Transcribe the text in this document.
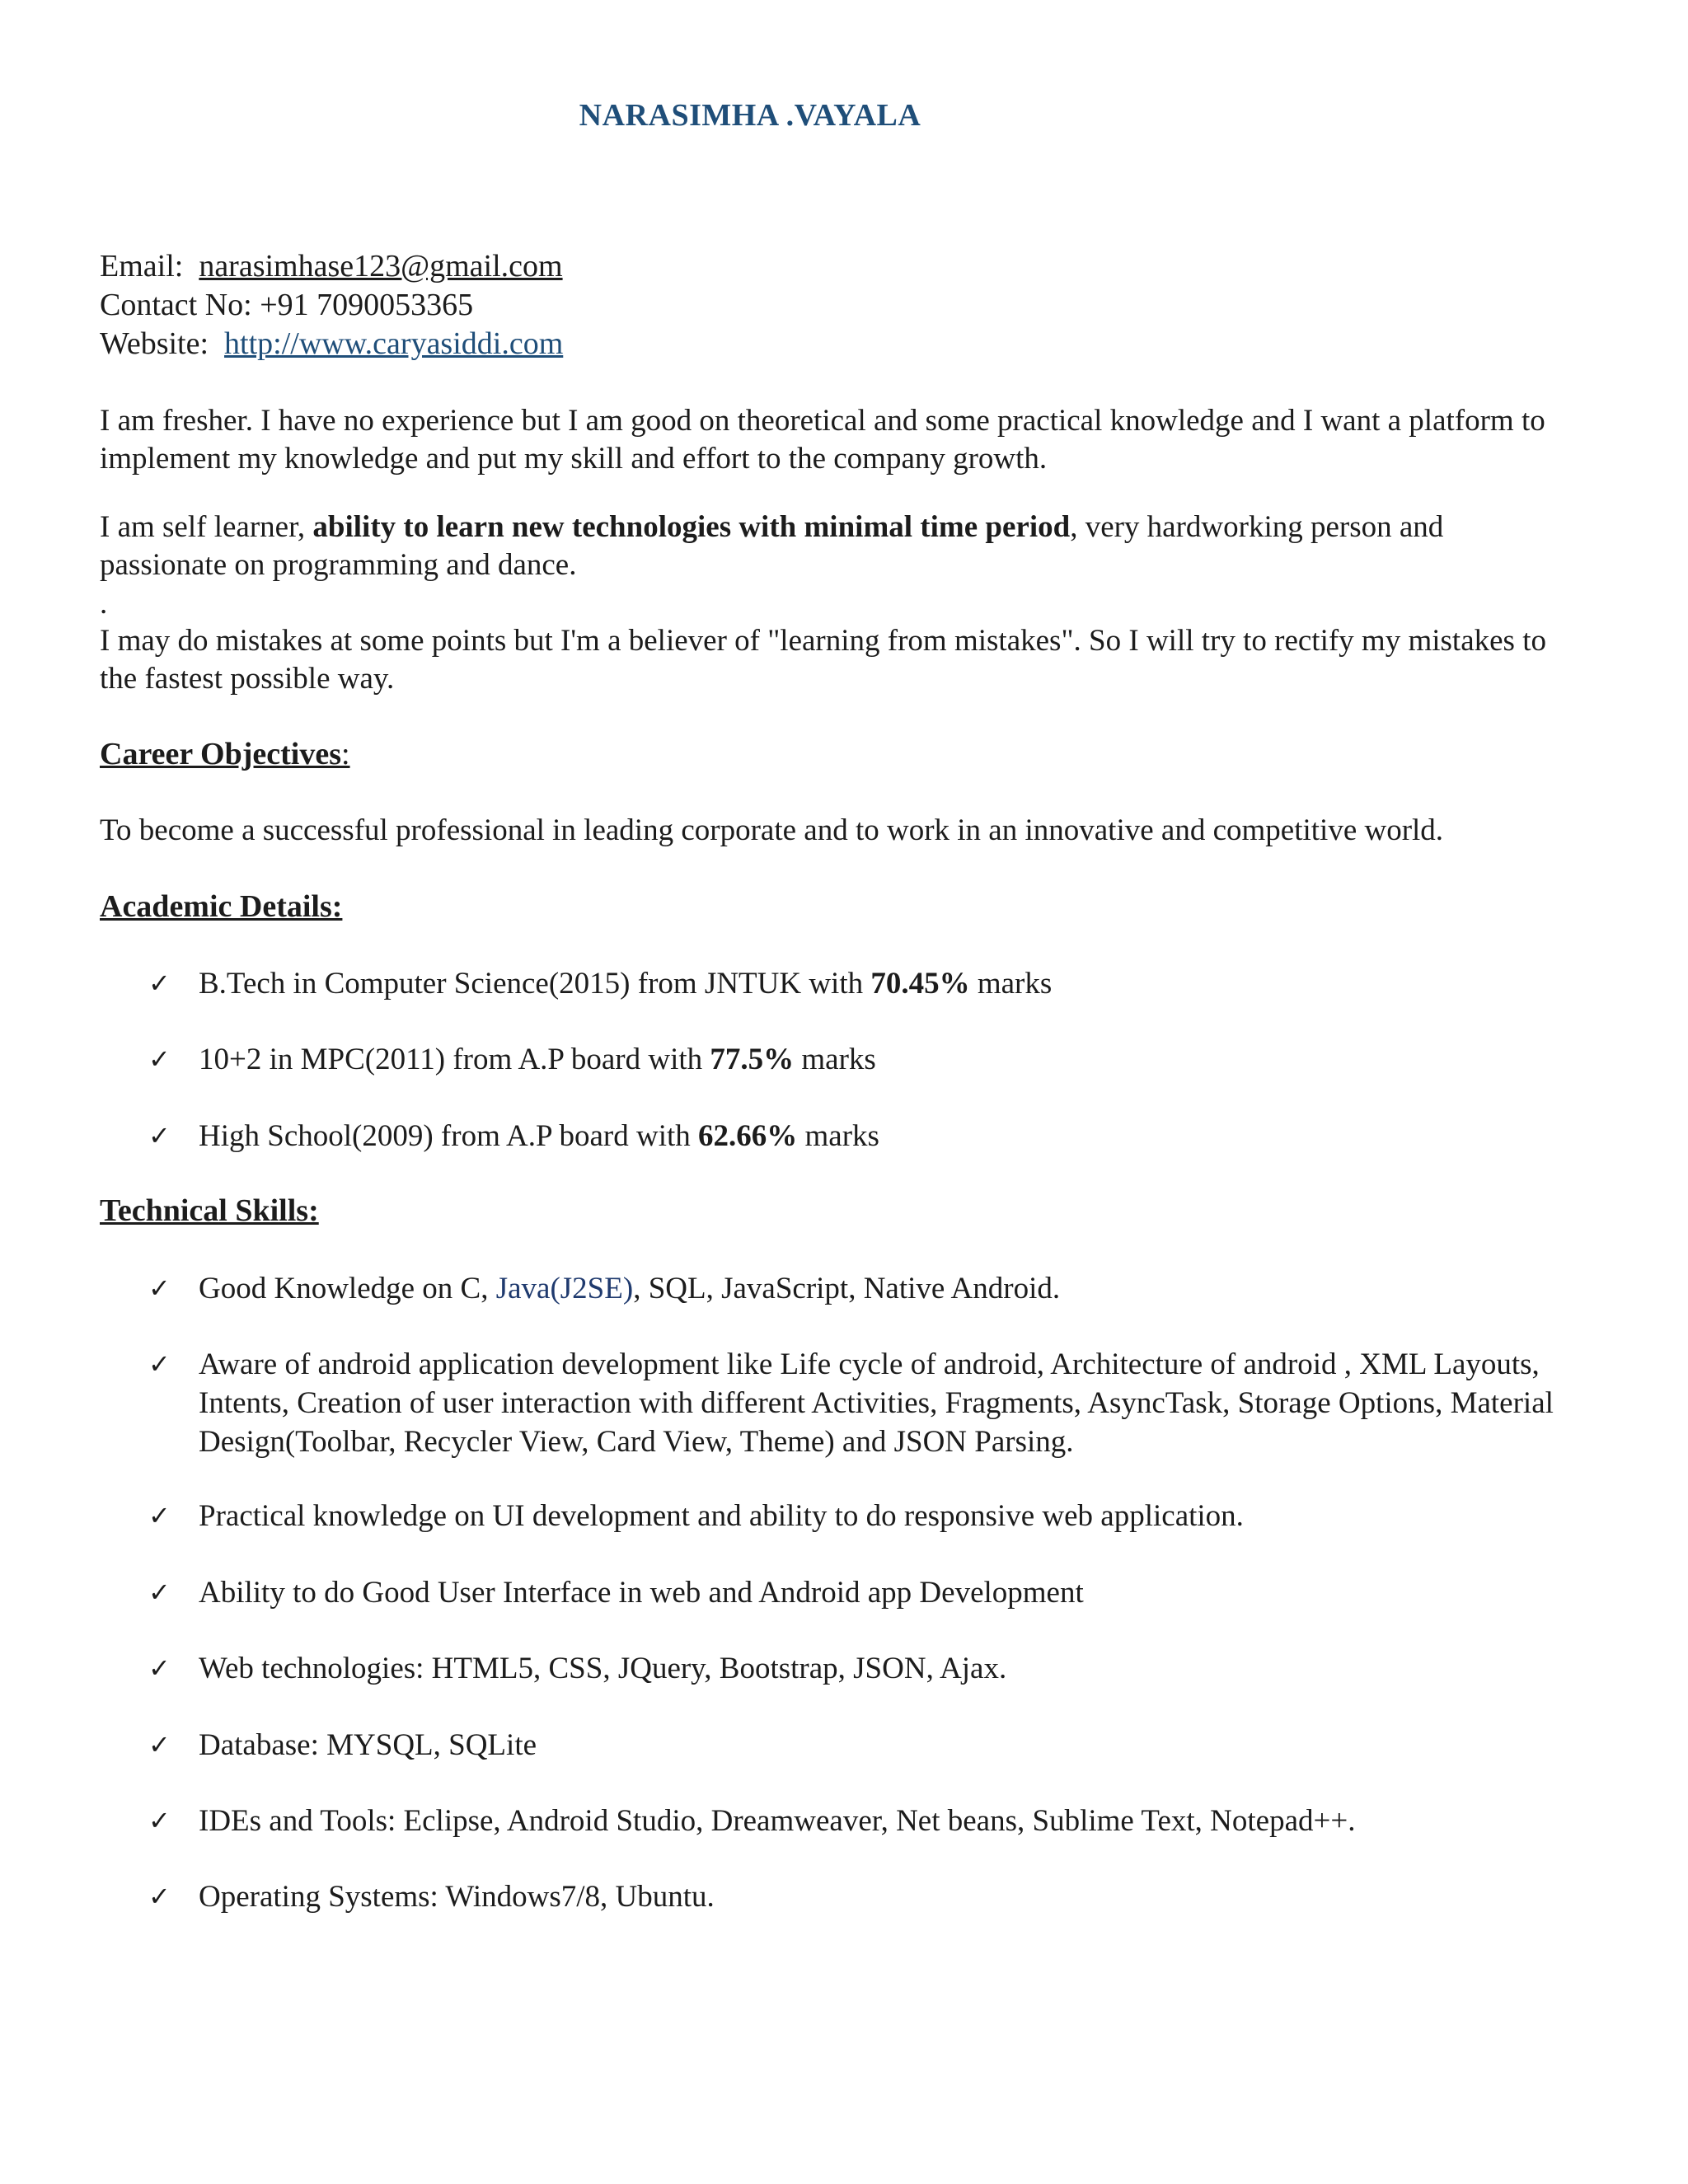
NARASIMHA .VAYALA
Email: narasimhase123@gmail.com
Contact No: +91 7090053365
Website: http://www.caryasiddi.com
I am fresher. I have no experience but I am good on theoretical and some practical knowledge and I want a platform to implement my knowledge and put my skill and effort to the company growth.
I am self learner, ability to learn new technologies with minimal time period, very hardworking person and passionate on programming and dance.
.
I may do mistakes at some points but I'm a believer of "learning from mistakes". So I will try to rectify my mistakes to the fastest possible way.
Career Objectives:
To become a successful professional in leading corporate and to work in an innovative and competitive world.
Academic Details:
✓ B.Tech in Computer Science(2015) from JNTUK with 70.45% marks
✓ 10+2 in MPC(2011) from A.P board with 77.5% marks
✓ High School(2009) from A.P board with 62.66% marks
Technical Skills:
✓ Good Knowledge on C, Java(J2SE), SQL, JavaScript, Native Android.
✓ Aware of android application development like Life cycle of android, Architecture of android , XML Layouts, Intents, Creation of user interaction with different Activities, Fragments, AsyncTask, Storage Options, Material Design(Toolbar, Recycler View, Card View, Theme) and JSON Parsing.
✓ Practical knowledge on UI development and ability to do responsive web application.
✓ Ability to do Good User Interface in web and Android app Development
✓ Web technologies: HTML5, CSS, JQuery, Bootstrap, JSON, Ajax.
✓ Database: MYSQL, SQLite
✓ IDEs and Tools: Eclipse, Android Studio, Dreamweaver, Net beans, Sublime Text, Notepad++.
✓ Operating Systems: Windows7/8, Ubuntu.
